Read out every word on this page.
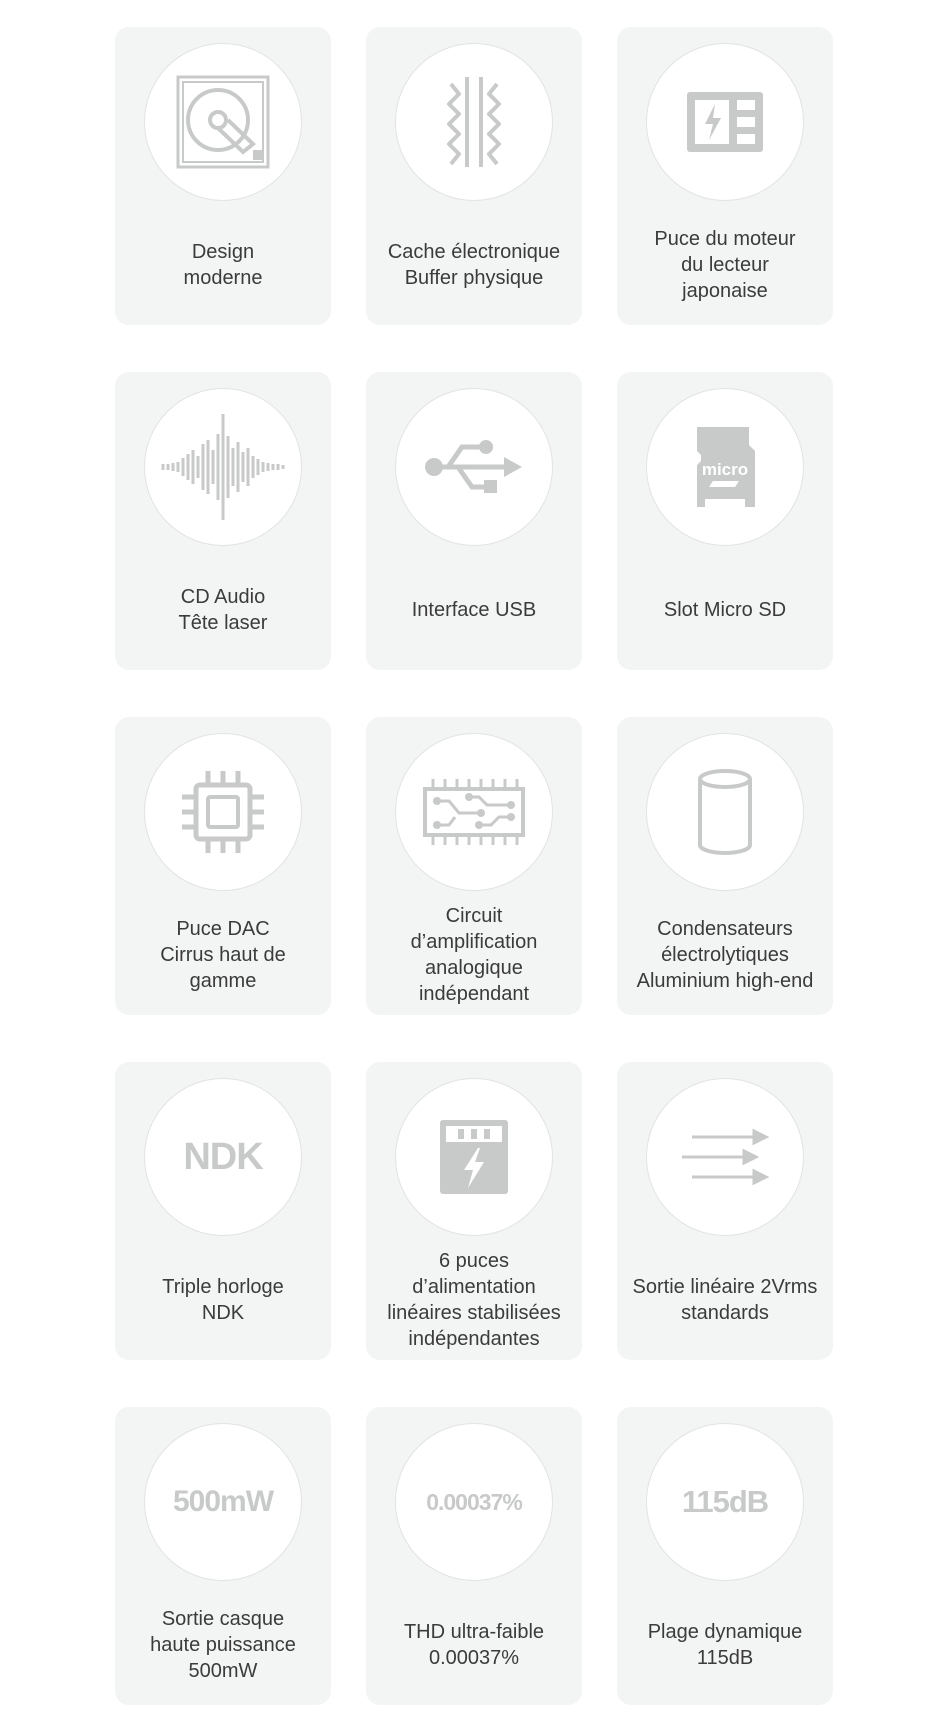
Design
moderne
Cache électronique
Buffer physique
Puce du moteur
du lecteur
japonaise
CD Audio
Tête laser
Interface USB
micro
Slot Micro SD
Puce DAC
Cirrus haut de
gamme
Circuit
d’amplification
analogique
indépendant
Condensateurs
électrolytiques
Aluminium high-end
NDK
Triple horloge
NDK
6 puces
d’alimentation
linéaires stabilisées
indépendantes
Sortie linéaire 2Vrms
standards
500mW
Sortie casque
haute puissance
500mW
0.00037%
THD ultra-faible
0.00037%
115dB
Plage dynamique
115dB
